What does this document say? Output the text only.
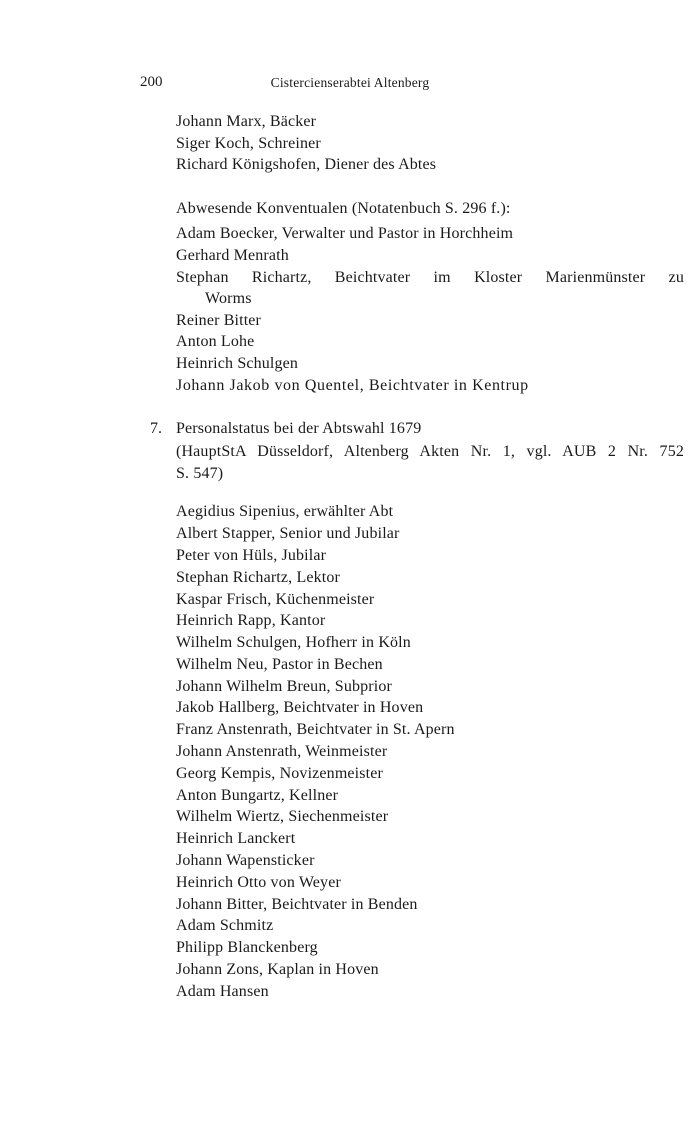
200	Cistercienserabtei Altenberg
Johann Marx, Bäcker
Siger Koch, Schreiner
Richard Königshofen, Diener des Abtes
Abwesende Konventualen (Notatenbuch S. 296 f.):
Adam Boecker, Verwalter und Pastor in Horchheim
Gerhard Menrath
Stephan Richartz, Beichtvater im Kloster Marienmünster zu
Worms
Reiner Bitter
Anton Lohe
Heinrich Schulgen
Johann Jakob von Quentel, Beichtvater in Kentrup
7. Personalstatus bei der Abtswahl 1679
(HauptStA Düsseldorf, Altenberg Akten Nr. 1, vgl. AUB 2 Nr. 752
S. 547)
Aegidius Sipenius, erwählter Abt
Albert Stapper, Senior und Jubilar
Peter von Hüls, Jubilar
Stephan Richartz, Lektor
Kaspar Frisch, Küchenmeister
Heinrich Rapp, Kantor
Wilhelm Schulgen, Hofherr in Köln
Wilhelm Neu, Pastor in Bechen
Johann Wilhelm Breun, Subprior
Jakob Hallberg, Beichtvater in Hoven
Franz Anstenrath, Beichtvater in St. Apern
Johann Anstenrath, Weinmeister
Georg Kempis, Novizenmeister
Anton Bungartz, Kellner
Wilhelm Wiertz, Siechenmeister
Heinrich Lanckert
Johann Wapensticker
Heinrich Otto von Weyer
Johann Bitter, Beichtvater in Benden
Adam Schmitz
Philipp Blanckenberg
Johann Zons, Kaplan in Hoven
Adam Hansen
